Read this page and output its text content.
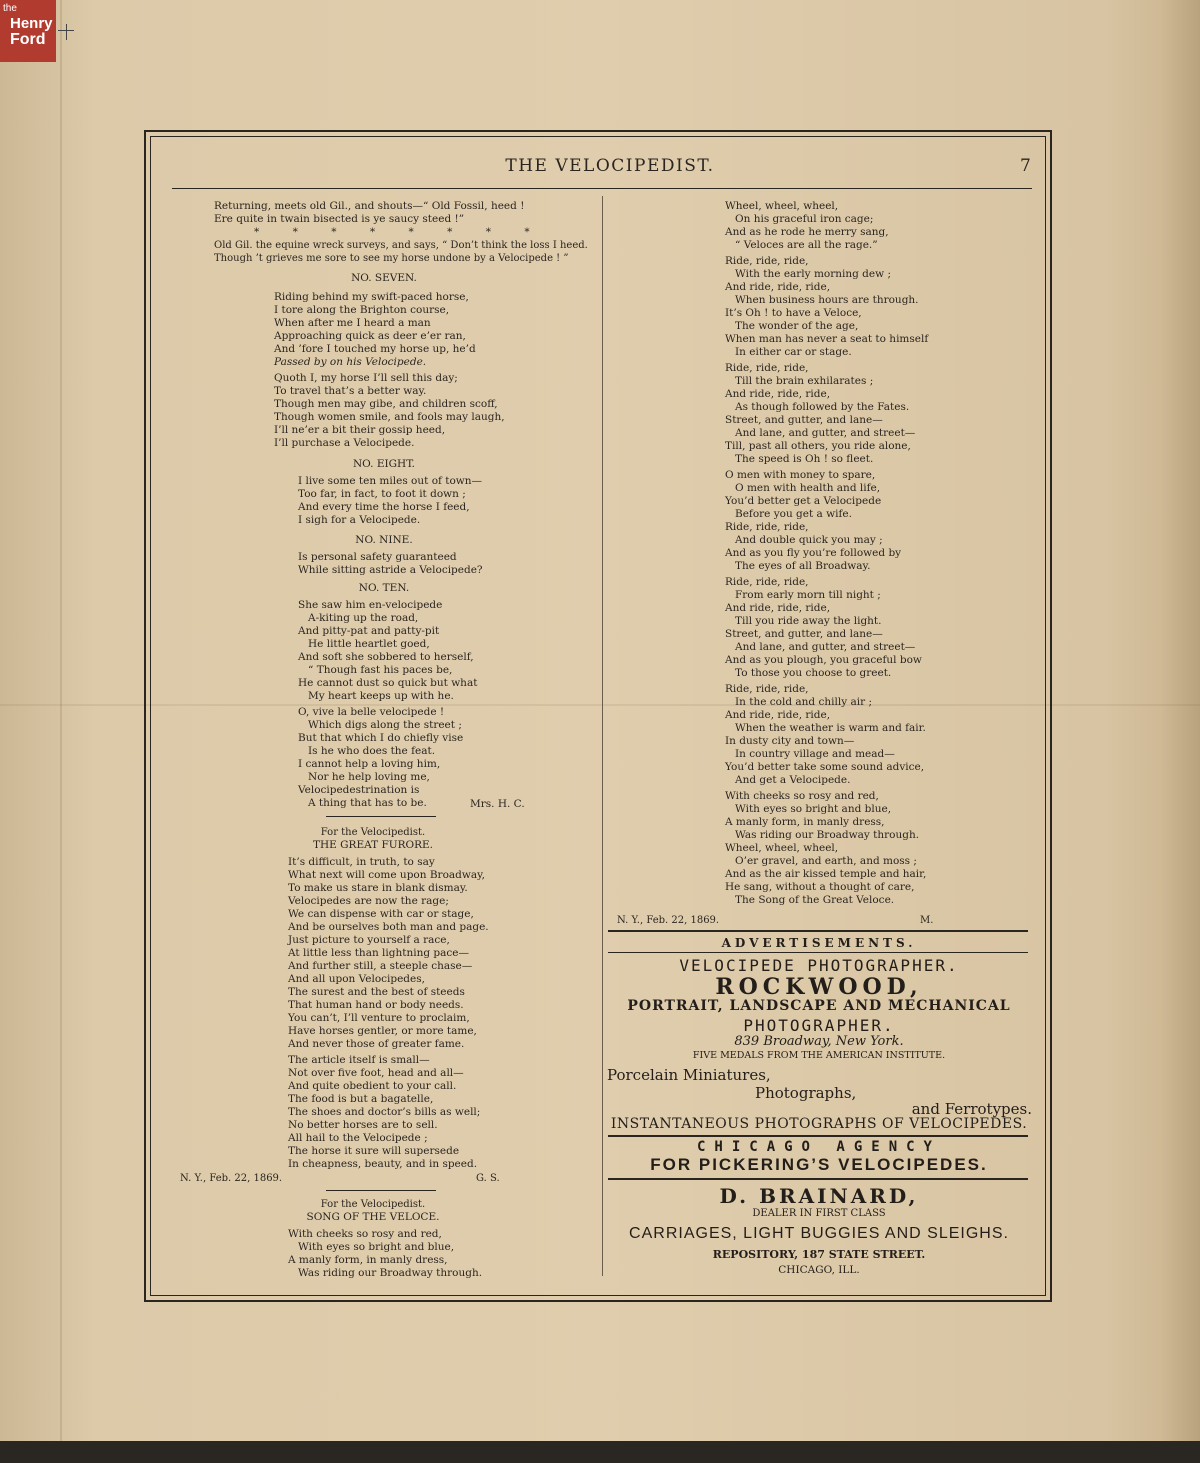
the
Henry
Ford
THE VELOCIPEDIST.	7
Returning, meets old Gil., and shouts—“ Old Fossil, heed !
Ere quite in twain bisected is ye saucy steed !”
*          *          *          *          *          *          *          *
Old Gil. the equine wreck surveys, and says, “ Don’t think the loss I heed.
Though ’t grieves me sore to see my horse undone by a Velocipede ! ”
NO. SEVEN.
Riding behind my swift-paced horse,
I tore along the Brighton course,
When after me I heard a man
Approaching quick as deer e’er ran,
And ’fore I touched my horse up, he’d
Passed by on his Velocipede.
Quoth I, my horse I’ll sell this day;
To travel that’s a better way.
Though men may gibe, and children scoff,
Though women smile, and fools may laugh,
I’ll ne’er a bit their gossip heed,
I’ll purchase a Velocipede.
NO. EIGHT.
I live some ten miles out of town—
Too far, in fact, to foot it down ;
And every time the horse I feed,
I sigh for a Velocipede.
NO. NINE.
Is personal safety guaranteed
While sitting astride a Velocipede?
NO. TEN.
She saw him en-velocipede
A-kiting up the road,
And pitty-pat and patty-pit
He little heartlet goed,
And soft she sobbered to herself,
“ Though fast his paces be,
He cannot dust so quick but what
My heart keeps up with he.
O, vive la belle velocipede !
Which digs along the street ;
But that which I do chiefly vise
Is he who does the feat.
I cannot help a loving him,
Nor he help loving me,
Velocipedestrination is
A thing that has to be.	Mrs. H. C.
For the Velocipedist.
THE GREAT FURORE.
It’s difficult, in truth, to say
What next will come upon Broadway,
To make us stare in blank dismay.
Velocipedes are now the rage;
We can dispense with car or stage,
And be ourselves both man and page.
Just picture to yourself a race,
At little less than lightning pace—
And further still, a steeple chase—
And all upon Velocipedes,
The surest and the best of steeds
That human hand or body needs.
You can’t, I’ll venture to proclaim,
Have horses gentler, or more tame,
And never those of greater fame.
The article itself is small—
Not over five foot, head and all—
And quite obedient to your call.
The food is but a bagatelle,
The shoes and doctor’s bills as well;
No better horses are to sell.
All hail to the Velocipede ;
The horse it sure will supersede
In cheapness, beauty, and in speed.
N. Y., Feb. 22, 1869.	G. S.
For the Velocipedist.
SONG OF THE VELOCE.
With cheeks so rosy and red,
With eyes so bright and blue,
A manly form, in manly dress,
Was riding our Broadway through.
Wheel, wheel, wheel,
On his graceful iron cage;
And as he rode he merry sang,
“ Veloces are all the rage.”
Ride, ride, ride,
With the early morning dew ;
And ride, ride, ride,
When business hours are through.
It’s Oh ! to have a Veloce,
The wonder of the age,
When man has never a seat to himself
In either car or stage.
Ride, ride, ride,
Till the brain exhilarates ;
And ride, ride, ride,
As though followed by the Fates.
Street, and gutter, and lane—
And lane, and gutter, and street—
Till, past all others, you ride alone,
The speed is Oh ! so fleet.
O men with money to spare,
O men with health and life,
You’d better get a Velocipede
Before you get a wife.
Ride, ride, ride,
And double quick you may ;
And as you fly you’re followed by
The eyes of all Broadway.
Ride, ride, ride,
From early morn till night ;
And ride, ride, ride,
Till you ride away the light.
Street, and gutter, and lane—
And lane, and gutter, and street—
And as you plough, you graceful bow
To those you choose to greet.
Ride, ride, ride,
In the cold and chilly air ;
And ride, ride, ride,
When the weather is warm and fair.
In dusty city and town—
In country village and mead—
You’d better take some sound advice,
And get a Velocipede.
With cheeks so rosy and red,
With eyes so bright and blue,
A manly form, in manly dress,
Was riding our Broadway through.
Wheel, wheel, wheel,
O’er gravel, and earth, and moss ;
And as the air kissed temple and hair,
He sang, without a thought of care,
The Song of the Great Veloce.
N. Y., Feb. 22, 1869.	M.
ADVERTISEMENTS.
VELOCIPEDE PHOTOGRAPHER.
ROCKWOOD,
PORTRAIT, LANDSCAPE AND MECHANICAL
PHOTOGRAPHER.
839 Broadway, New York.
FIVE MEDALS FROM THE AMERICAN INSTITUTE.
Porcelain Miniatures,
Photographs,
and Ferrotypes.
INSTANTANEOUS PHOTOGRAPHS OF VELOCIPEDES.
CHICAGO AGENCY
FOR PICKERING’S VELOCIPEDES.
D. BRAINARD,
DEALER IN FIRST CLASS
CARRIAGES, LIGHT BUGGIES AND SLEIGHS.
REPOSITORY, 187 STATE STREET.
CHICAGO, ILL.
